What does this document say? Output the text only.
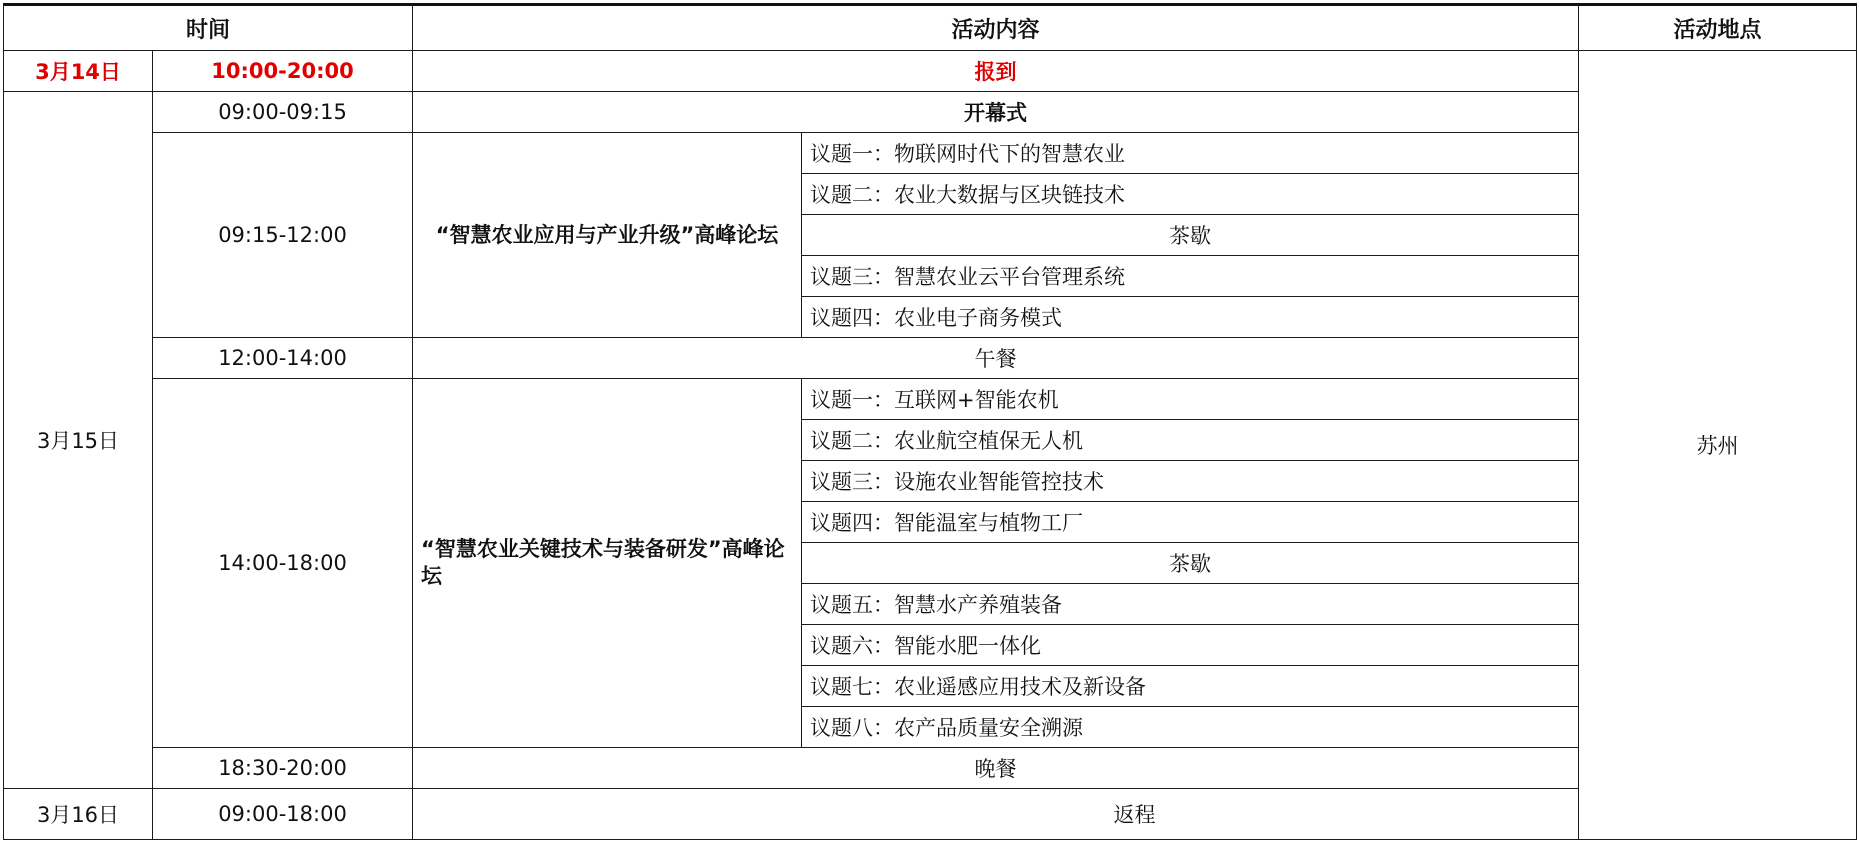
时间		活动内容		活动地点
3月14日	10:00-20:00	报到		苏州
3月15日	09:00-09:15	开幕式		
	09:15-12:00	“智慧农业应用与产业升级”高峰论坛	议题一：物联网时代下的智慧农业	
			议题二：农业大数据与区块链技术	
			茶歇	
			议题三：智慧农业云平台管理系统	
			议题四：农业电子商务模式	
	12:00-14:00	午餐		
	14:00-18:00	“智慧农业关键技术与装备研发”高峰论坛	议题一：互联网+智能农机	
			议题二：农业航空植保无人机	
			议题三：设施农业智能管控技术	
			议题四：智能温室与植物工厂	
			茶歇	
			议题五：智慧水产养殖装备	
			议题六：智能水肥一体化	
			议题七：农业遥感应用技术及新设备	
			议题八：农产品质量安全溯源	
	18:30-20:00	晚餐		
3月16日	09:00-18:00	返程		
